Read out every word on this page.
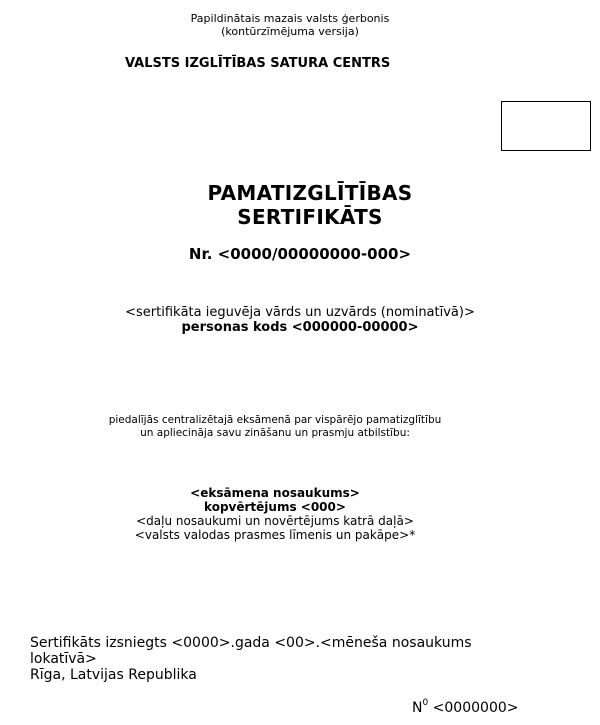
Papildinātais mazais valsts ģerbonis
(kontūrzīmējuma versija)
VALSTS IZGLĪTĪBAS SATURA CENTRS
PAMATIZGLĪTĪBAS
SERTIFIKĀTS
Nr. <0000/00000000-000>
<sertifikāta ieguvēja vārds un uzvārds (nominatīvā)>
personas kods <000000-00000>
piedalījās centralizētajā eksāmenā par vispārējo pamatizglītību
un apliecināja savu zināšanu un prasmju atbilstību:
<eksāmena nosaukums>
kopvērtējums <000>
<daļu nosaukumi un novērtējums katrā daļā>
<valsts valodas prasmes līmenis un pakāpe>*
Sertifikāts izsniegts <0000>.gada <00>.<mēneša nosaukums
lokatīvā>
Rīga, Latvijas Republika
$N^0 <0000000>$
